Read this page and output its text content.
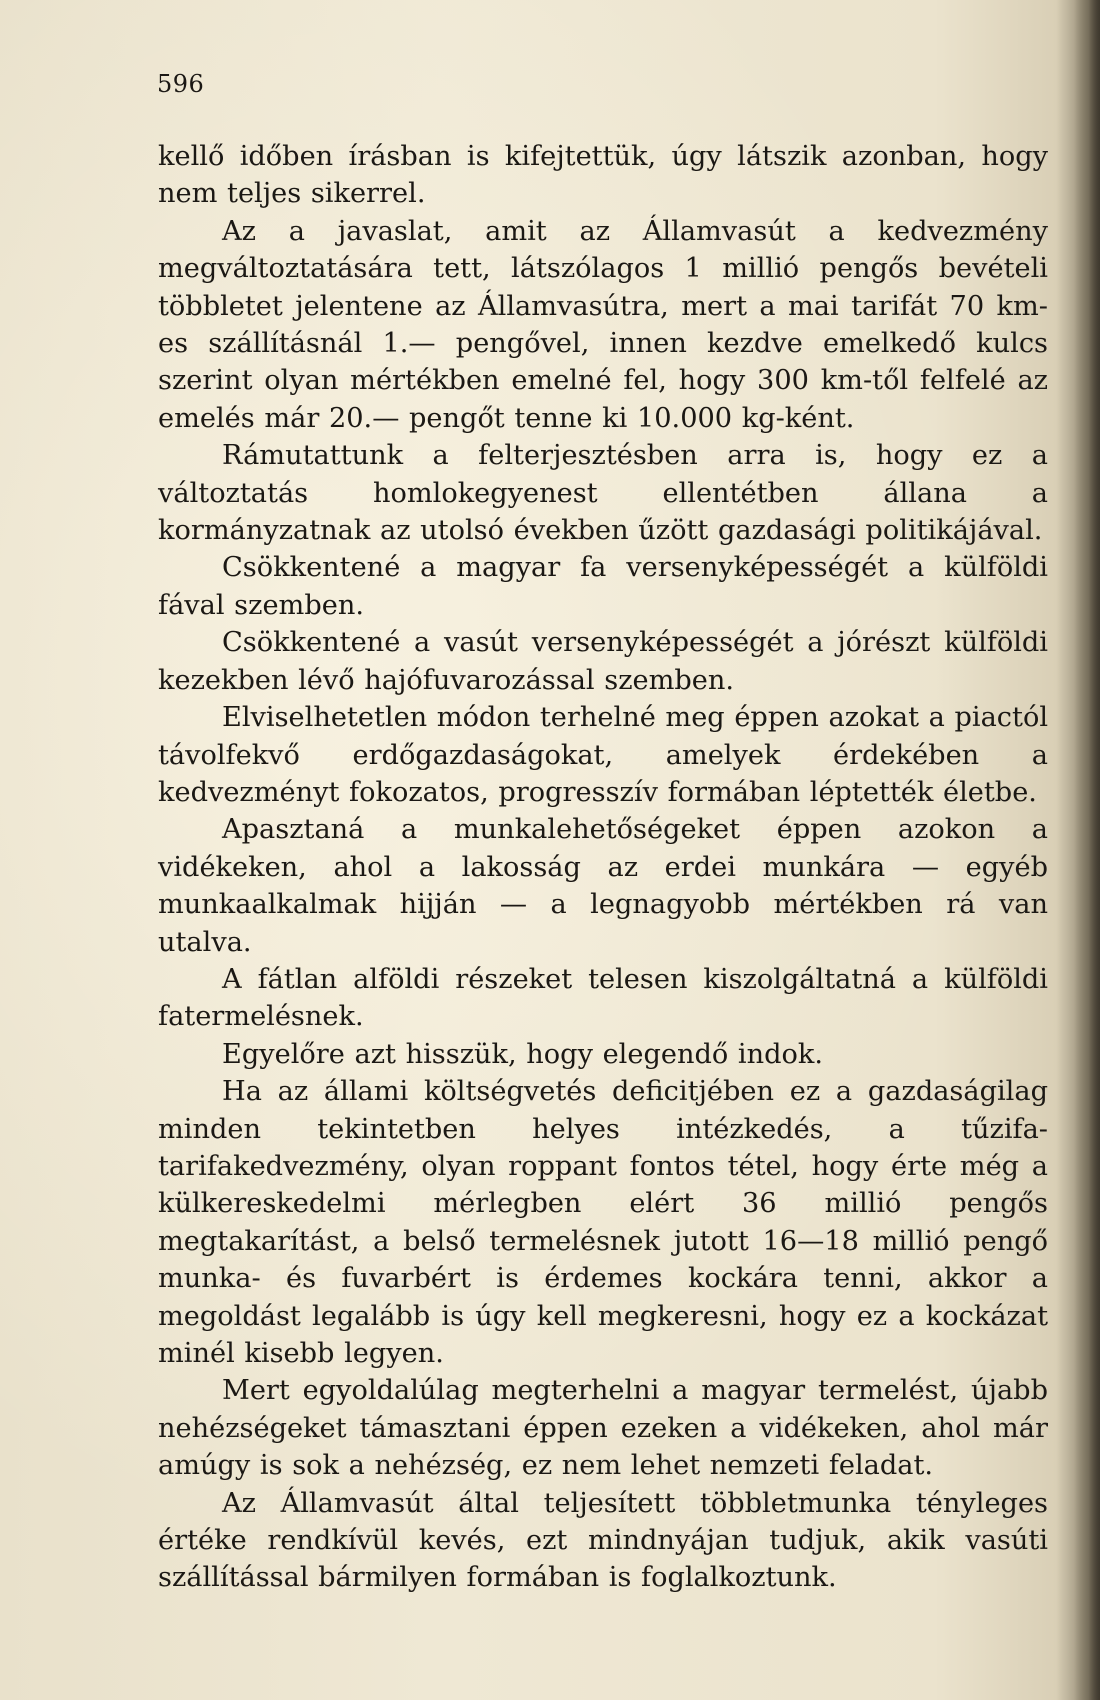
596

kellő időben írásban is kifejtettük, úgy látszik azonban, hogy nem teljes sikerrel.

Az a javaslat, amit az Államvasút a kedvezmény megváltoztatására tett, látszólagos 1 millió pengős bevételi többletet jelentene az Államvasútra, mert a mai tarifát 70 km-es szállításnál 1.— pengővel, innen kezdve emelkedő kulcs szerint olyan mértékben emelné fel, hogy 300 km-től felfelé az emelés már 20.— pengőt tenne ki 10.000 kg-ként.

Rámutattunk a felterjesztésben arra is, hogy ez a változtatás homlokegyenest ellentétben állana a kormányzatnak az utolsó években űzött gazdasági politikájával.

Csökkentené a magyar fa versenyképességét a külföldi fával szemben.

Csökkentené a vasút versenyképességét a jórészt külföldi kezekben lévő hajófuvarozással szemben.

Elviselhetetlen módon terhelné meg éppen azokat a piactól távolfekvő erdőgazdaságokat, amelyek érdekében a kedvezményt fokozatos, progresszív formában léptették életbe.

Apasztaná a munkalehetőségeket éppen azokon a vidékeken, ahol a lakosság az erdei munkára — egyéb munkaalkalmak hijján — a legnagyobb mértékben rá van utalva.

A fátlan alföldi részeket telesen kiszolgáltatná a külföldi fatermelésnek.

Egyelőre azt hisszük, hogy elegendő indok.

Ha az állami költségvetés deficitjében ez a gazdaságilag minden tekintetben helyes intézkedés, a tűzifa-tarifakedvezmény, olyan roppant fontos tétel, hogy érte még a külkereskedelmi mérlegben elért 36 millió pengős megtakarítást, a belső termelésnek jutott 16—18 millió pengő munka- és fuvarbért is érdemes kockára tenni, akkor a megoldást legalább is úgy kell megkeresni, hogy ez a kockázat minél kisebb legyen.

Mert egyoldalúlag megterhelni a magyar termelést, újabb nehézségeket támasztani éppen ezeken a vidékeken, ahol már amúgy is sok a nehézség, ez nem lehet nemzeti feladat.

Az Államvasút által teljesített többletmunka tényleges értéke rendkívül kevés, ezt mindnyájan tudjuk, akik vasúti szállítással bármilyen formában is foglalkoztunk.
